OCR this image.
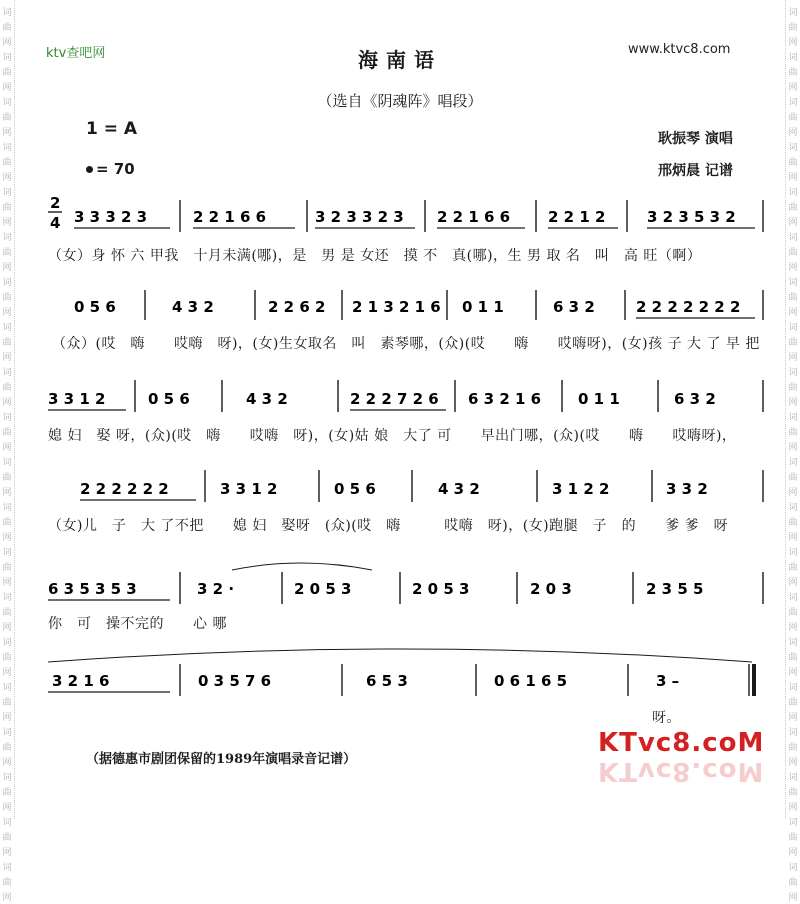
词
曲
网
词
曲
网
词
曲
网
词
曲
网
词
曲
网
词
曲
网
词
曲
网
词
曲
网
词
曲
网
词
曲
网
词
曲
网
词
曲
网
词
曲
网
词
曲
网
词
曲
网
词
曲
网
词
曲
网
词
曲
网
词
曲
网
词
曲
网
词
曲
网
词
曲
网
词
曲
网
词
曲
网
词
曲
网
词
曲
网
词
曲
网
词
曲
网
词
曲
网
词
曲
网
词
曲
网
词
曲
网
词
曲
网
词
曲
网
词
曲
网
词
曲
网
词
曲
网
词
曲
网
词
曲
网
词
曲
网
ktv查吧网	www.ktvc8.com
海南语
（选自《阴魂阵》唱段）
1 = A
= 70
耿振琴 演唱
邢炳晨 记谱
2
4 3 3 3 2 3	2 2 1 6 6	3 2 3 3 2 3 2 2 1 6 6	2 2 1 2	3 2 3 5 3 2
0 5 6	4 3 2	2 2 6 2 2 1 3 2 1 6 0 1 1	6 3 2	2 2 2 2 2 2 2
3 3 1 2	0 5 6	4 3 2	2 2 2 7 2 6 6 3 2 1 6 0 1 1	6 3 2
2 2 2 2 2 2	3 3 1 2	0 5 6	4 3 2	3 1 2 2	3 3 2
6 3 5 3 5 3	3 2 ·	2 0 5 3	2 0 5 3	2 0 3	2 3 5 5
3 2 1 6	0 3 5 7 6	6 5 3	0 6 1 6 5	3 –
（女）身 怀 六 甲我　十月未满(哪)，是　男 是 女还　摸 不　真(哪)，生 男 取 名　叫　高 旺（啊）
（众）(哎　嗨　　哎嗨　呀)，(女)生女取名　叫　素琴哪，(众)(哎　　嗨　　哎嗨呀)，(女)孩 子 大 了 早 把
媳 妇　娶 呀，(众)(哎　嗨　　哎嗨　呀)，(女)姑 娘　大了 可　　早出门哪，(众)(哎　　嗨　　哎嗨呀)，
（女)儿　子　大 了不把　　媳 妇　娶呀　(众)(哎　嗨　　　哎嗨　呀)，(女)跑腿　子　的　　爹 爹　呀
你　可　操不完的　　心 哪
呀。
（据德惠市剧团保留的1989年演唱录音记谱）
KTvc8.coM
KTvc8.coM
